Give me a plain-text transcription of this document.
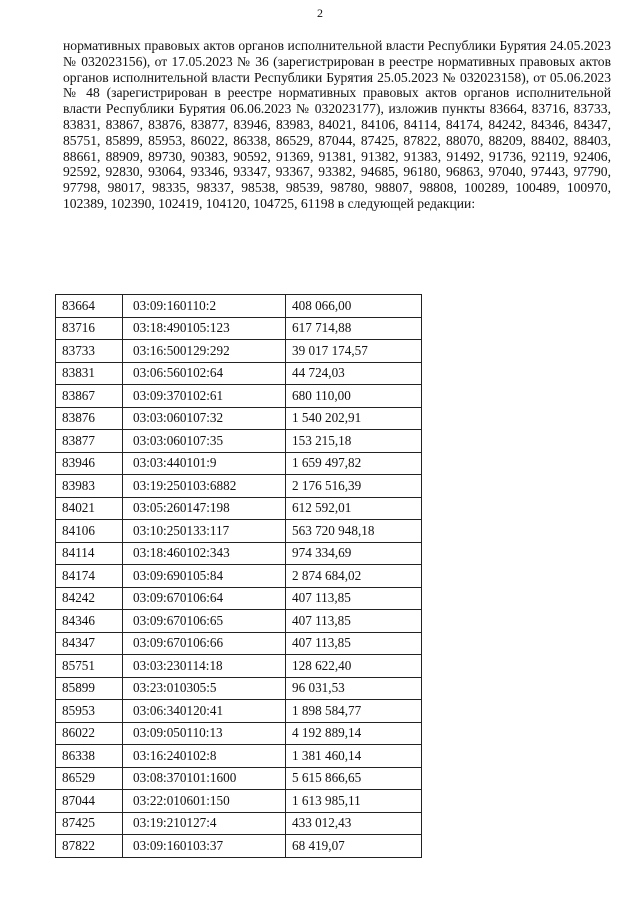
2

нормативных правовых актов органов исполнительной власти Республики Бурятия 24.05.2023 № 032023156), от 17.05.2023 № 36 (зарегистрирован в реестре нормативных правовых актов органов исполнительной власти Республики Бурятия 25.05.2023 № 032023158), от 05.06.2023 № 48 (зарегистрирован в реестре нормативных правовых актов органов исполнительной власти Республики Бурятия 06.06.2023 № 032023177), изложив пункты 83664, 83716, 83733, 83831, 83867, 83876, 83877, 83946, 83983, 84021, 84106, 84114, 84174, 84242, 84346, 84347, 85751, 85899, 85953, 86022, 86338, 86529, 87044, 87425, 87822, 88070, 88209, 88402, 88403, 88661, 88909, 89730, 90383, 90592, 91369, 91381, 91382, 91383, 91492, 91736, 92119, 92406, 92592, 92830, 93064, 93346, 93347, 93367, 93382, 94685, 96180, 96863, 97040, 97443, 97790, 97798, 98017, 98335, 98337, 98538, 98539, 98780, 98807, 98808, 100289, 100489, 100970, 102389, 102390, 102419, 104120, 104725, 61198 в следующей редакции:

83664	03:09:160110:2	408 066,00
83716	03:18:490105:123	617 714,88
83733	03:16:500129:292	39 017 174,57
83831	03:06:560102:64	44 724,03
83867	03:09:370102:61	680 110,00
83876	03:03:060107:32	1 540 202,91
83877	03:03:060107:35	153 215,18
83946	03:03:440101:9	1 659 497,82
83983	03:19:250103:6882	2 176 516,39
84021	03:05:260147:198	612 592,01
84106	03:10:250133:117	563 720 948,18
84114	03:18:460102:343	974 334,69
84174	03:09:690105:84	2 874 684,02
84242	03:09:670106:64	407 113,85
84346	03:09:670106:65	407 113,85
84347	03:09:670106:66	407 113,85
85751	03:03:230114:18	128 622,40
85899	03:23:010305:5	96 031,53
85953	03:06:340120:41	1 898 584,77
86022	03:09:050110:13	4 192 889,14
86338	03:16:240102:8	1 381 460,14
86529	03:08:370101:1600	5 615 866,65
87044	03:22:010601:150	1 613 985,11
87425	03:19:210127:4	433 012,43
87822	03:09:160103:37	68 419,07
